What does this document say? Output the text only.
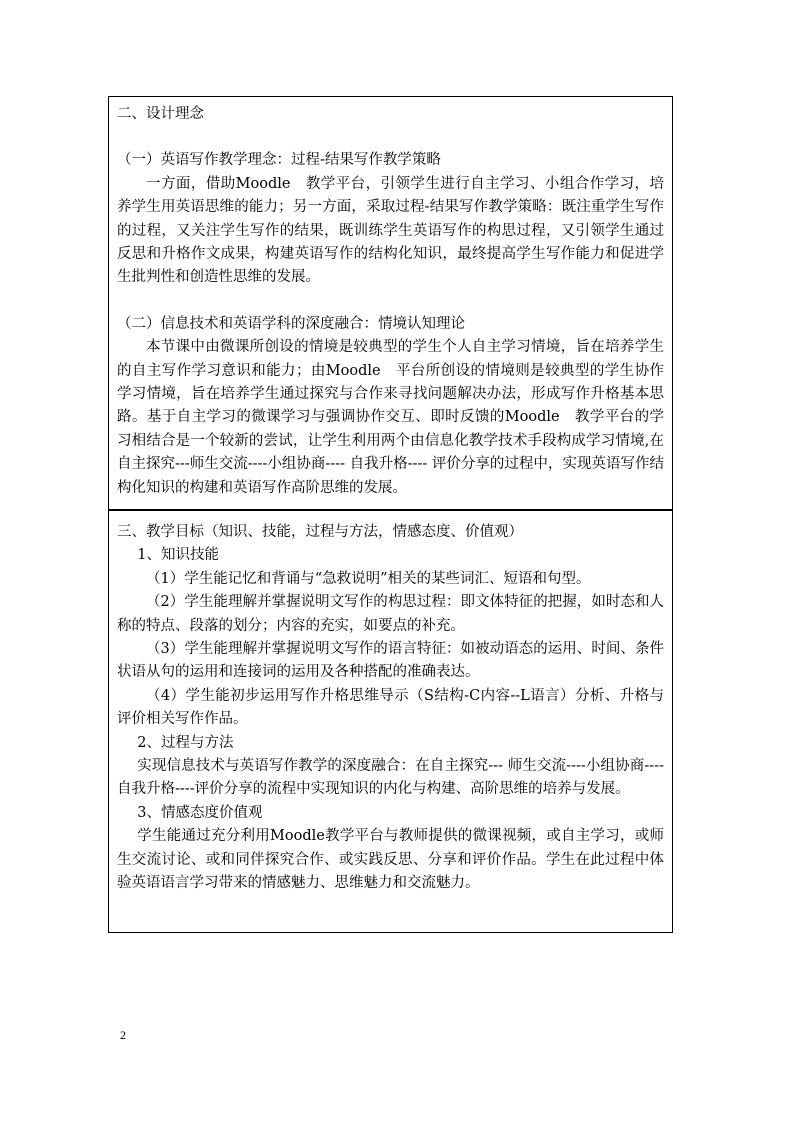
二、设计理念

（一）英语写作教学理念：过程-结果写作教学策略

一方面，借助Moodle　教学平台，引领学生进行自主学习、小组合作学习，培养学生用英语思维的能力；另一方面，采取过程-结果写作教学策略：既注重学生写作的过程，又关注学生写作的结果，既训练学生英语写作的构思过程，又引领学生通过反思和升格作文成果，构建英语写作的结构化知识，最终提高学生写作能力和促进学生批判性和创造性思维的发展。

（二）信息技术和英语学科的深度融合：情境认知理论

本节课中由微课所创设的情境是较典型的学生个人自主学习情境，旨在培养学生的自主写作学习意识和能力；由Moodle　平台所创设的情境则是较典型的学生协作学习情境，旨在培养学生通过探究与合作来寻找问题解决办法，形成写作升格基本思路。基于自主学习的微课学习与强调协作交互、即时反馈的Moodle　教学平台的学习相结合是一个较新的尝试，让学生利用两个由信息化教学技术手段构成学习情境,在自主探究---师生交流----小组协商---- 自我升格---- 评价分享的过程中，实现英语写作结构化知识的构建和英语写作高阶思维的发展。

三、教学目标（知识、技能，过程与方法，情感态度、价值观）

1、知识技能

（1）学生能记忆和背诵与“急救说明”相关的某些词汇、短语和句型。

（2）学生能理解并掌握说明文写作的构思过程：即文体特征的把握，如时态和人称的特点、段落的划分；内容的充实，如要点的补充。

（3）学生能理解并掌握说明文写作的语言特征：如被动语态的运用、时间、条件状语从句的运用和连接词的运用及各种搭配的准确表达。

（4）学生能初步运用写作升格思维导示（S结构-C内容--L语言）分析、升格与评价相关写作作品。

2、过程与方法

实现信息技术与英语写作教学的深度融合：在自主探究--- 师生交流----小组协商---- 自我升格----评价分享的流程中实现知识的内化与构建、高阶思维的培养与发展。

3、情感态度价值观

学生能通过充分利用Moodle教学平台与教师提供的微课视频，或自主学习，或师生交流讨论、或和同伴探究合作、或实践反思、分享和评价作品。学生在此过程中体验英语语言学习带来的情感魅力、思维魅力和交流魅力。

2
